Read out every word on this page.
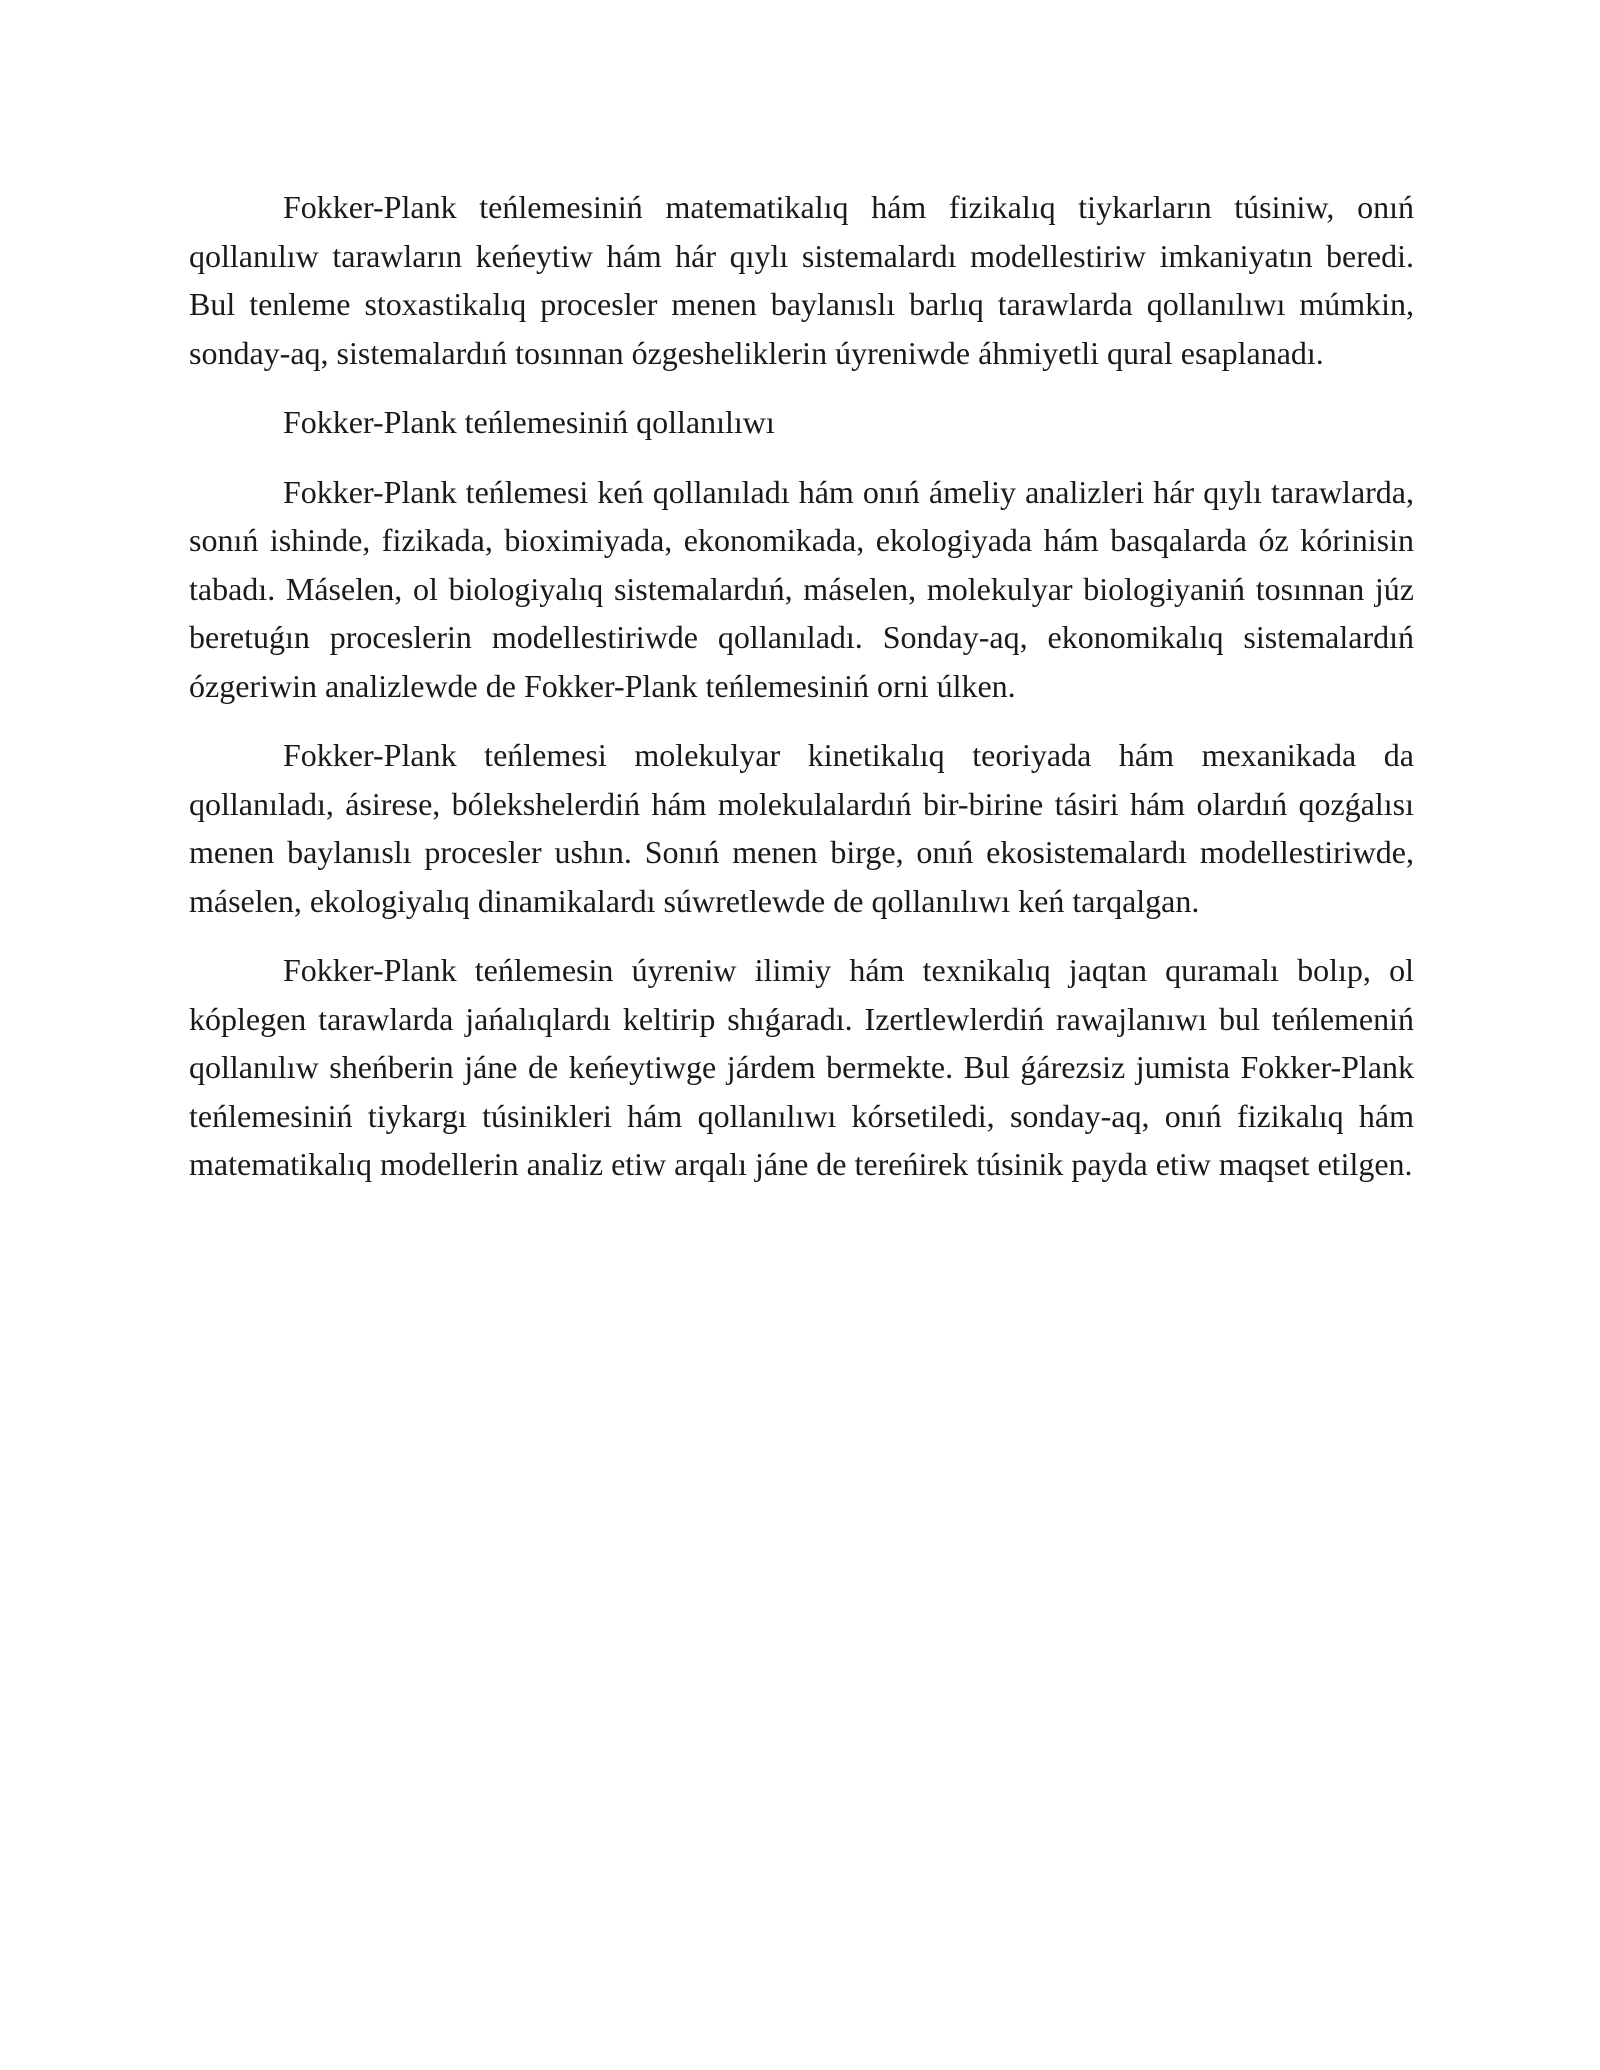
Fokker-Plank teńlemesiniń matematikalıq hám fizikalıq tiykarların túsiniw, onıń qollanılıw tarawların keńeytiw hám hár qıylı sistemalardı modellestiriw imkaniyatın beredi. Bul tenleme stoxastikalıq procesler menen baylanıslı barlıq tarawlarda qollanılıwı múmkin, sonday-aq, sistemalardıń tosınnan ózgesheliklerin úyreniwde áhmiyetli qural esaplanadı.

Fokker-Plank teńlemesiniń qollanılıwı

Fokker-Plank teńlemesi keń qollanıladı hám onıń ámeliy analizleri hár qıylı tarawlarda, sonıń ishinde, fizikada, bioximiyada, ekonomikada, ekologiyada hám basqalarda óz kórinisin tabadı. Máselen, ol biologiyalıq sistemalardıń, máselen, molekulyar biologiyaniń tosınnan júz beretuǵın proceslerin modellestiriwde qollanıladı. Sonday-aq, ekonomikalıq sistemalardıń ózgeriwin analizlewde de Fokker-Plank teńlemesiniń orni úlken.

Fokker-Plank teńlemesi molekulyar kinetikalıq teoriyada hám mexanikada da qollanıladı, ásirese, bólekshelerdiń hám molekulalardıń bir-birine tásiri hám olardıń qozǵalısı menen baylanıslı procesler ushın. Sonıń menen birge, onıń ekosistemalardı modellestiriwde, máselen, ekologiyalıq dinamikalardı súwretlewde de qollanılıwı keń tarqalgan.

Fokker-Plank teńlemesin úyreniw ilimiy hám texnikalıq jaqtan quramalı bolıp, ol kóplegen tarawlarda jańalıqlardı keltirip shıǵaradı. Izertlewlerdiń rawajlanıwı bul teńlemeniń qollanılıw sheńberin jáne de keńeytiwge járdem bermekte. Bul ǵárezsiz jumista Fokker-Plank teńlemesiniń tiykargı túsinikleri hám qollanılıwı kórsetiledi, sonday-aq, onıń fizikalıq hám matematikalıq modellerin analiz etiw arqalı jáne de tereńirek túsinik payda etiw maqset etilgen.
